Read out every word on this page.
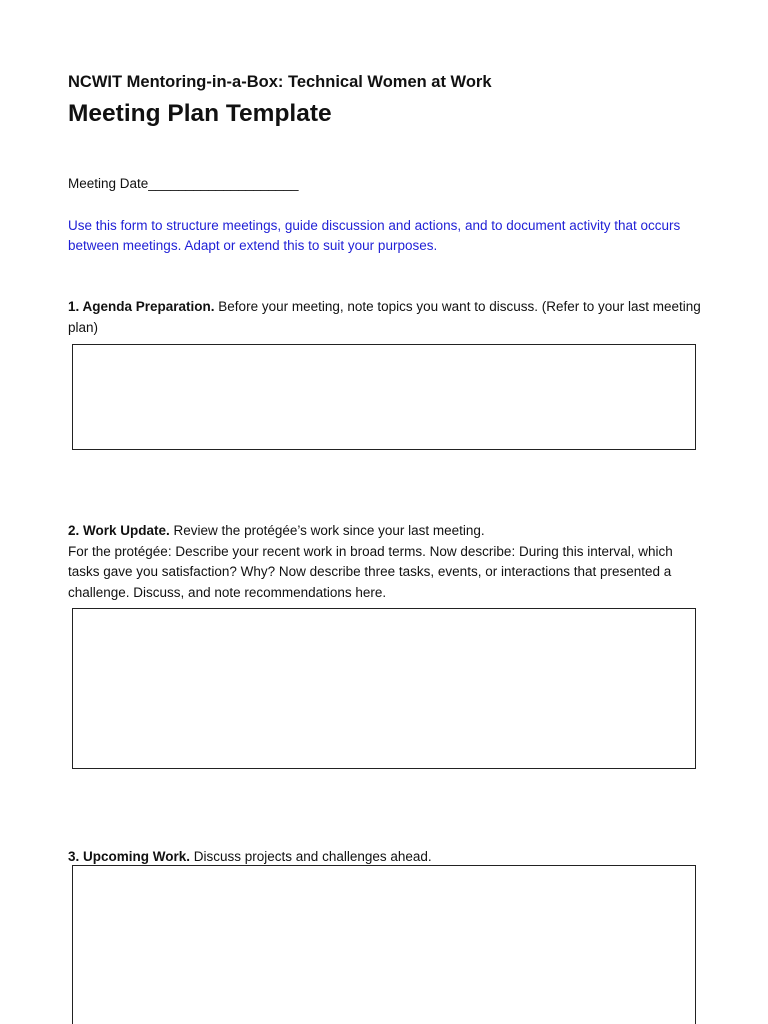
NCWIT Mentoring-in-a-Box: Technical Women at Work
Meeting Plan Template
Meeting Date____________________
Use this form to structure meetings, guide discussion and actions, and to document activity that occurs between meetings. Adapt or extend this to suit your purposes.
1. Agenda Preparation. Before your meeting, note topics you want to discuss. (Refer to your last meeting plan)
2. Work Update. Review the protégée’s work since your last meeting.
For the protégée: Describe your recent work in broad terms. Now describe: During this interval, which tasks gave you satisfaction? Why? Now describe three tasks, events, or interactions that presented a challenge. Discuss, and note recommendations here.
3. Upcoming Work. Discuss projects and challenges ahead.
